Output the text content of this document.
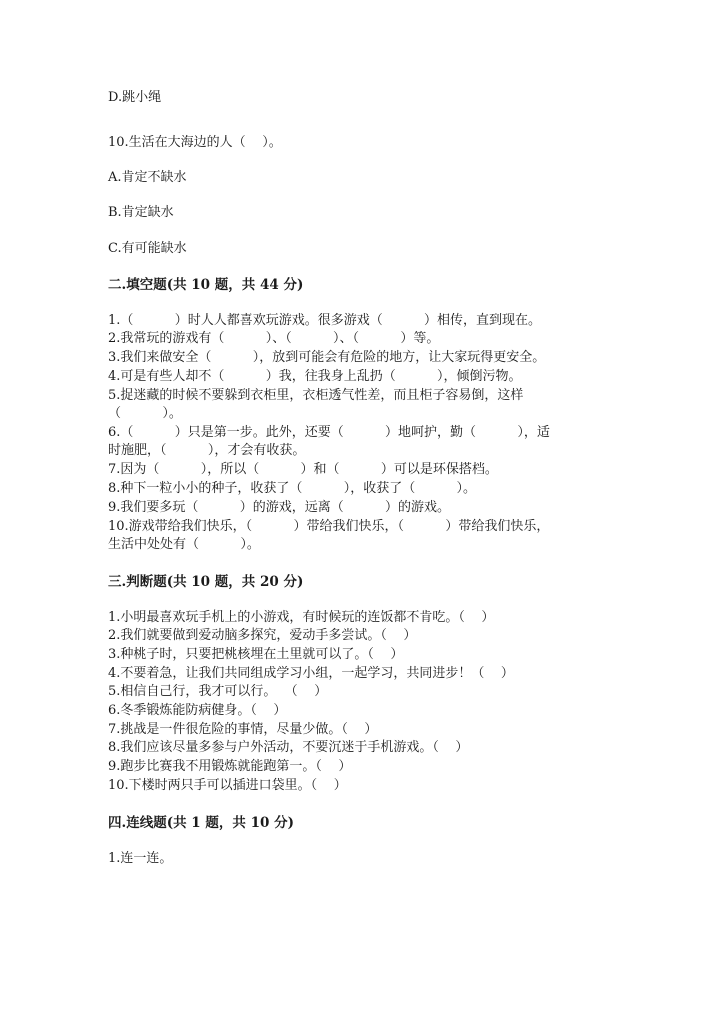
D.跳小绳
10.生活在大海边的人（    ）。
A.肯定不缺水
B.肯定缺水
C.有可能缺水
二.填空题(共 10 题，共 44 分)
1.（          ）时人人都喜欢玩游戏。很多游戏（          ）相传，直到现在。
2.我常玩的游戏有（          ）、（          ）、（          ）等。
3.我们来做安全（          ），放到可能会有危险的地方，让大家玩得更安全。
4.可是有些人却不（          ）我，往我身上乱扔（          ），倾倒污物。
5.捉迷藏的时候不要躲到衣柜里，衣柜透气性差，而且柜子容易倒，这样
（          ）。
6.（          ）只是第一步。此外，还要（          ）地呵护，勤（          ），适
时施肥，（          ），才会有收获。
7.因为（          ），所以（          ）和（          ）可以是环保搭档。
8.种下一粒小小的种子，收获了（          ），收获了（          ）。
9.我们要多玩（          ）的游戏，远离（          ）的游戏。
10.游戏带给我们快乐，（          ）带给我们快乐，（          ）带给我们快乐，
生活中处处有（          ）。
三.判断题(共 10 题，共 20 分)
1.小明最喜欢玩手机上的小游戏，有时候玩的连饭都不肯吃。（    ）
2.我们就要做到爱动脑多探究，爱动手多尝试。（    ）
3.种桃子时，只要把桃核埋在土里就可以了。（    ）
4.不要着急，让我们共同组成学习小组，一起学习，共同进步！（    ）
5.相信自己行，我才可以行。  （    ）
6.冬季锻炼能防病健身。（    ）
7.挑战是一件很危险的事情，尽量少做。（    ）
8.我们应该尽量多参与户外活动，不要沉迷于手机游戏。（    ）
9.跑步比赛我不用锻炼就能跑第一。（    ）
10.下楼时两只手可以插进口袋里。（    ）
四.连线题(共 1 题，共 10 分)
1.连一连。
